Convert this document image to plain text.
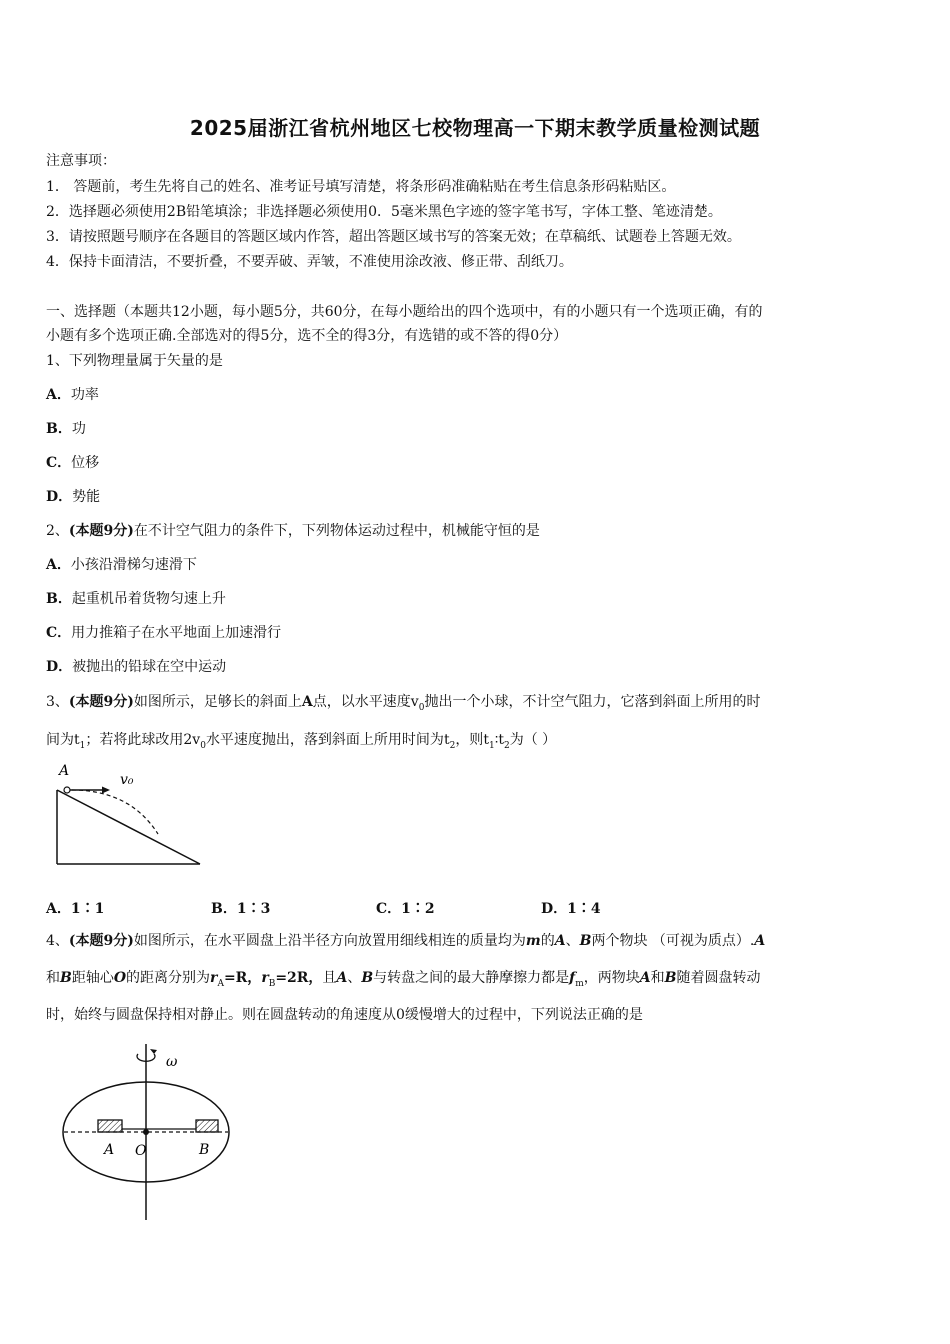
2025届浙江省杭州地区七校物理高一下期末教学质量检测试题
注意事项：
1． 答题前，考生先将自己的姓名、准考证号填写清楚，将条形码准确粘贴在考生信息条形码粘贴区。
2．选择题必须使用2B铅笔填涂；非选择题必须使用0．5毫米黑色字迹的签字笔书写，字体工整、笔迹清楚。
3．请按照题号顺序在各题目的答题区域内作答，超出答题区域书写的答案无效；在草稿纸、试题卷上答题无效。
4．保持卡面清洁，不要折叠，不要弄破、弄皱，不准使用涂改液、修正带、刮纸刀。
一、选择题（本题共12小题，每小题5分，共60分，在每小题给出的四个选项中，有的小题只有一个选项正确，有的
小题有多个选项正确.全部选对的得5分，选不全的得3分，有选错的或不答的得0分）
1、下列物理量属于矢量的是
A．功率
B．功
C．位移
D．势能
2、(本题9分)在不计空气阻力的条件下，下列物体运动过程中，机械能守恒的是
A．小孩沿滑梯匀速滑下
B．起重机吊着货物匀速上升
C．用力推箱子在水平地面上加速滑行
D．被抛出的铅球在空中运动
3、(本题9分)如图所示，足够长的斜面上A点，以水平速度$v_0$抛出一个小球，不计空气阻力，它落到斜面上所用的时
间为$t_1$；若将此球改用$2v_0$水平速度抛出，落到斜面上所用时间为$t_2$，则$t_1∶t_2$为（ ）
A
v₀
A．1∶1	B．1∶3	C．1∶2	D．1∶4
4、(本题9分)如图所示，在水平圆盘上沿半径方向放置用细线相连的质量均为m的A、B两个物块 （可视为质点）.A
和B距轴心O的距离分别为$r_A=R$，$r_B=2R$，且A、B与转盘之间的最大静摩擦力都是$f_m$，两物块A和B随着圆盘转动
时，始终与圆盘保持相对静止。则在圆盘转动的角速度从0缓慢增大的过程中，下列说法正确的是
ω
A O	B
